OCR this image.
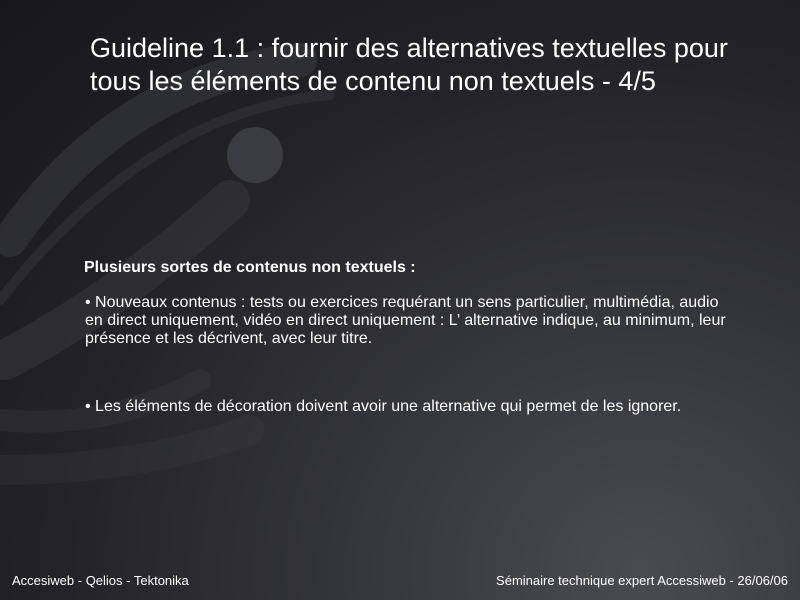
Guideline 1.1 : fournir des alternatives textuelles pour tous les éléments de contenu non textuels - 4/5

Plusieurs sortes de contenus non textuels :

• Nouveaux contenus : tests ou exercices requérant un sens particulier, multimédia, audio en direct uniquement, vidéo en direct uniquement : L’ alternative indique, au minimum, leur présence et les décrivent, avec leur titre.

• Les éléments de décoration doivent avoir une alternative qui permet de les ignorer.

Accesiweb - Qelios - Tektonika	Séminaire technique expert Accessiweb - 26/06/06
